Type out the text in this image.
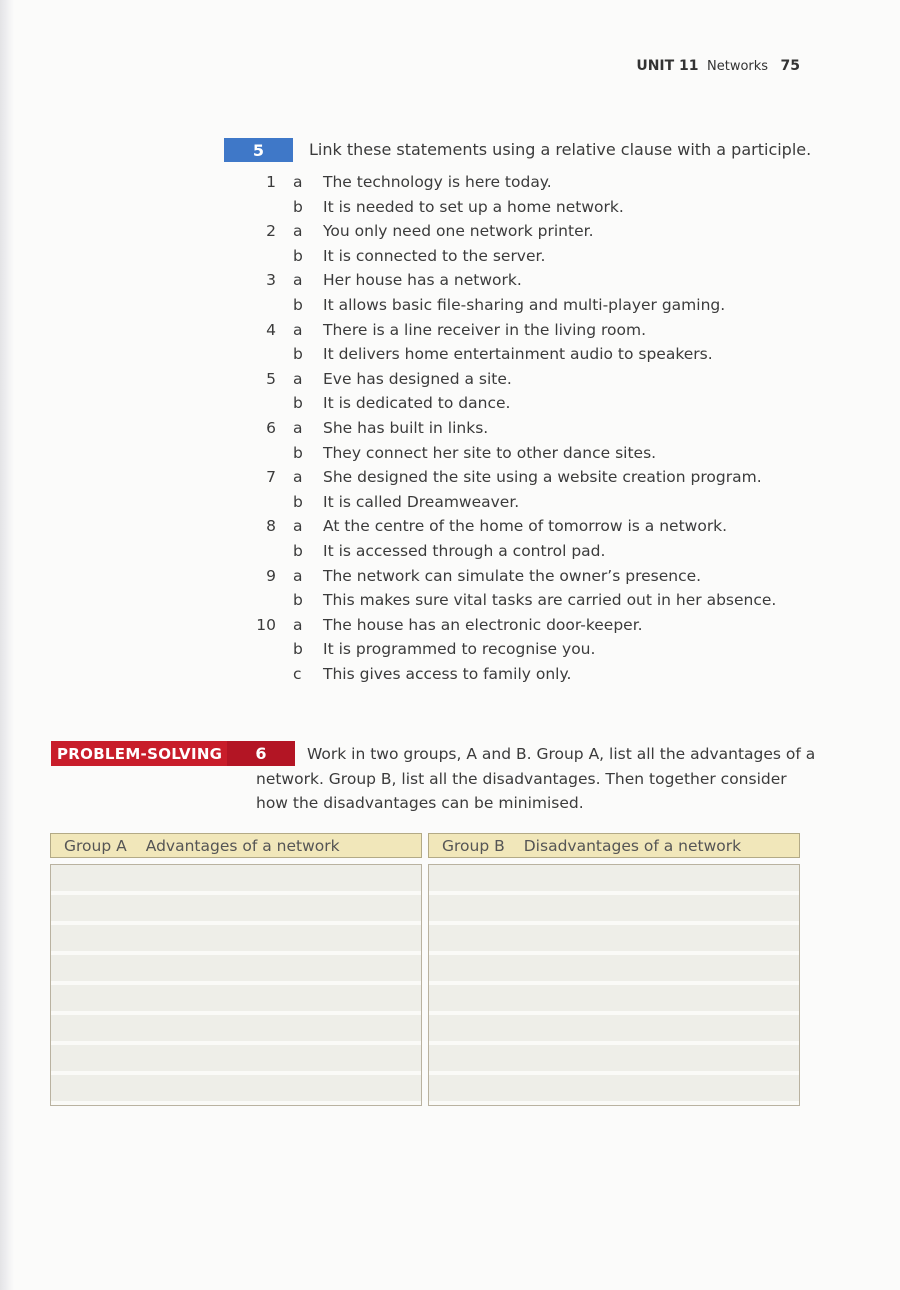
UNIT 11 Networks 75
5	Link these statements using a relative clause with a participle.
1 a The technology is here today.
b It is needed to set up a home network.
2 a You only need one network printer.
b It is connected to the server.
3 a Her house has a network.
b It allows basic file-sharing and multi-player gaming.
4 a There is a line receiver in the living room.
b It delivers home entertainment audio to speakers.
5 a Eve has designed a site.
b It is dedicated to dance.
6 a She has built in links.
b They connect her site to other dance sites.
7 a She designed the site using a website creation program.
b It is called Dreamweaver.
8 a At the centre of the home of tomorrow is a network.
b It is accessed through a control pad.
9 a The network can simulate the owner’s presence.
b This makes sure vital tasks are carried out in her absence.
10 a The house has an electronic door-keeper.
b It is programmed to recognise you.
c This gives access to family only.
PROBLEM-SOLVING	6	Work in two groups, A and B. Group A, list all the advantages of a network. Group B, list all the disadvantages. Then together consider how the disadvantages can be minimised.
Group A Advantages of a network	Group B Disadvantages of a network
